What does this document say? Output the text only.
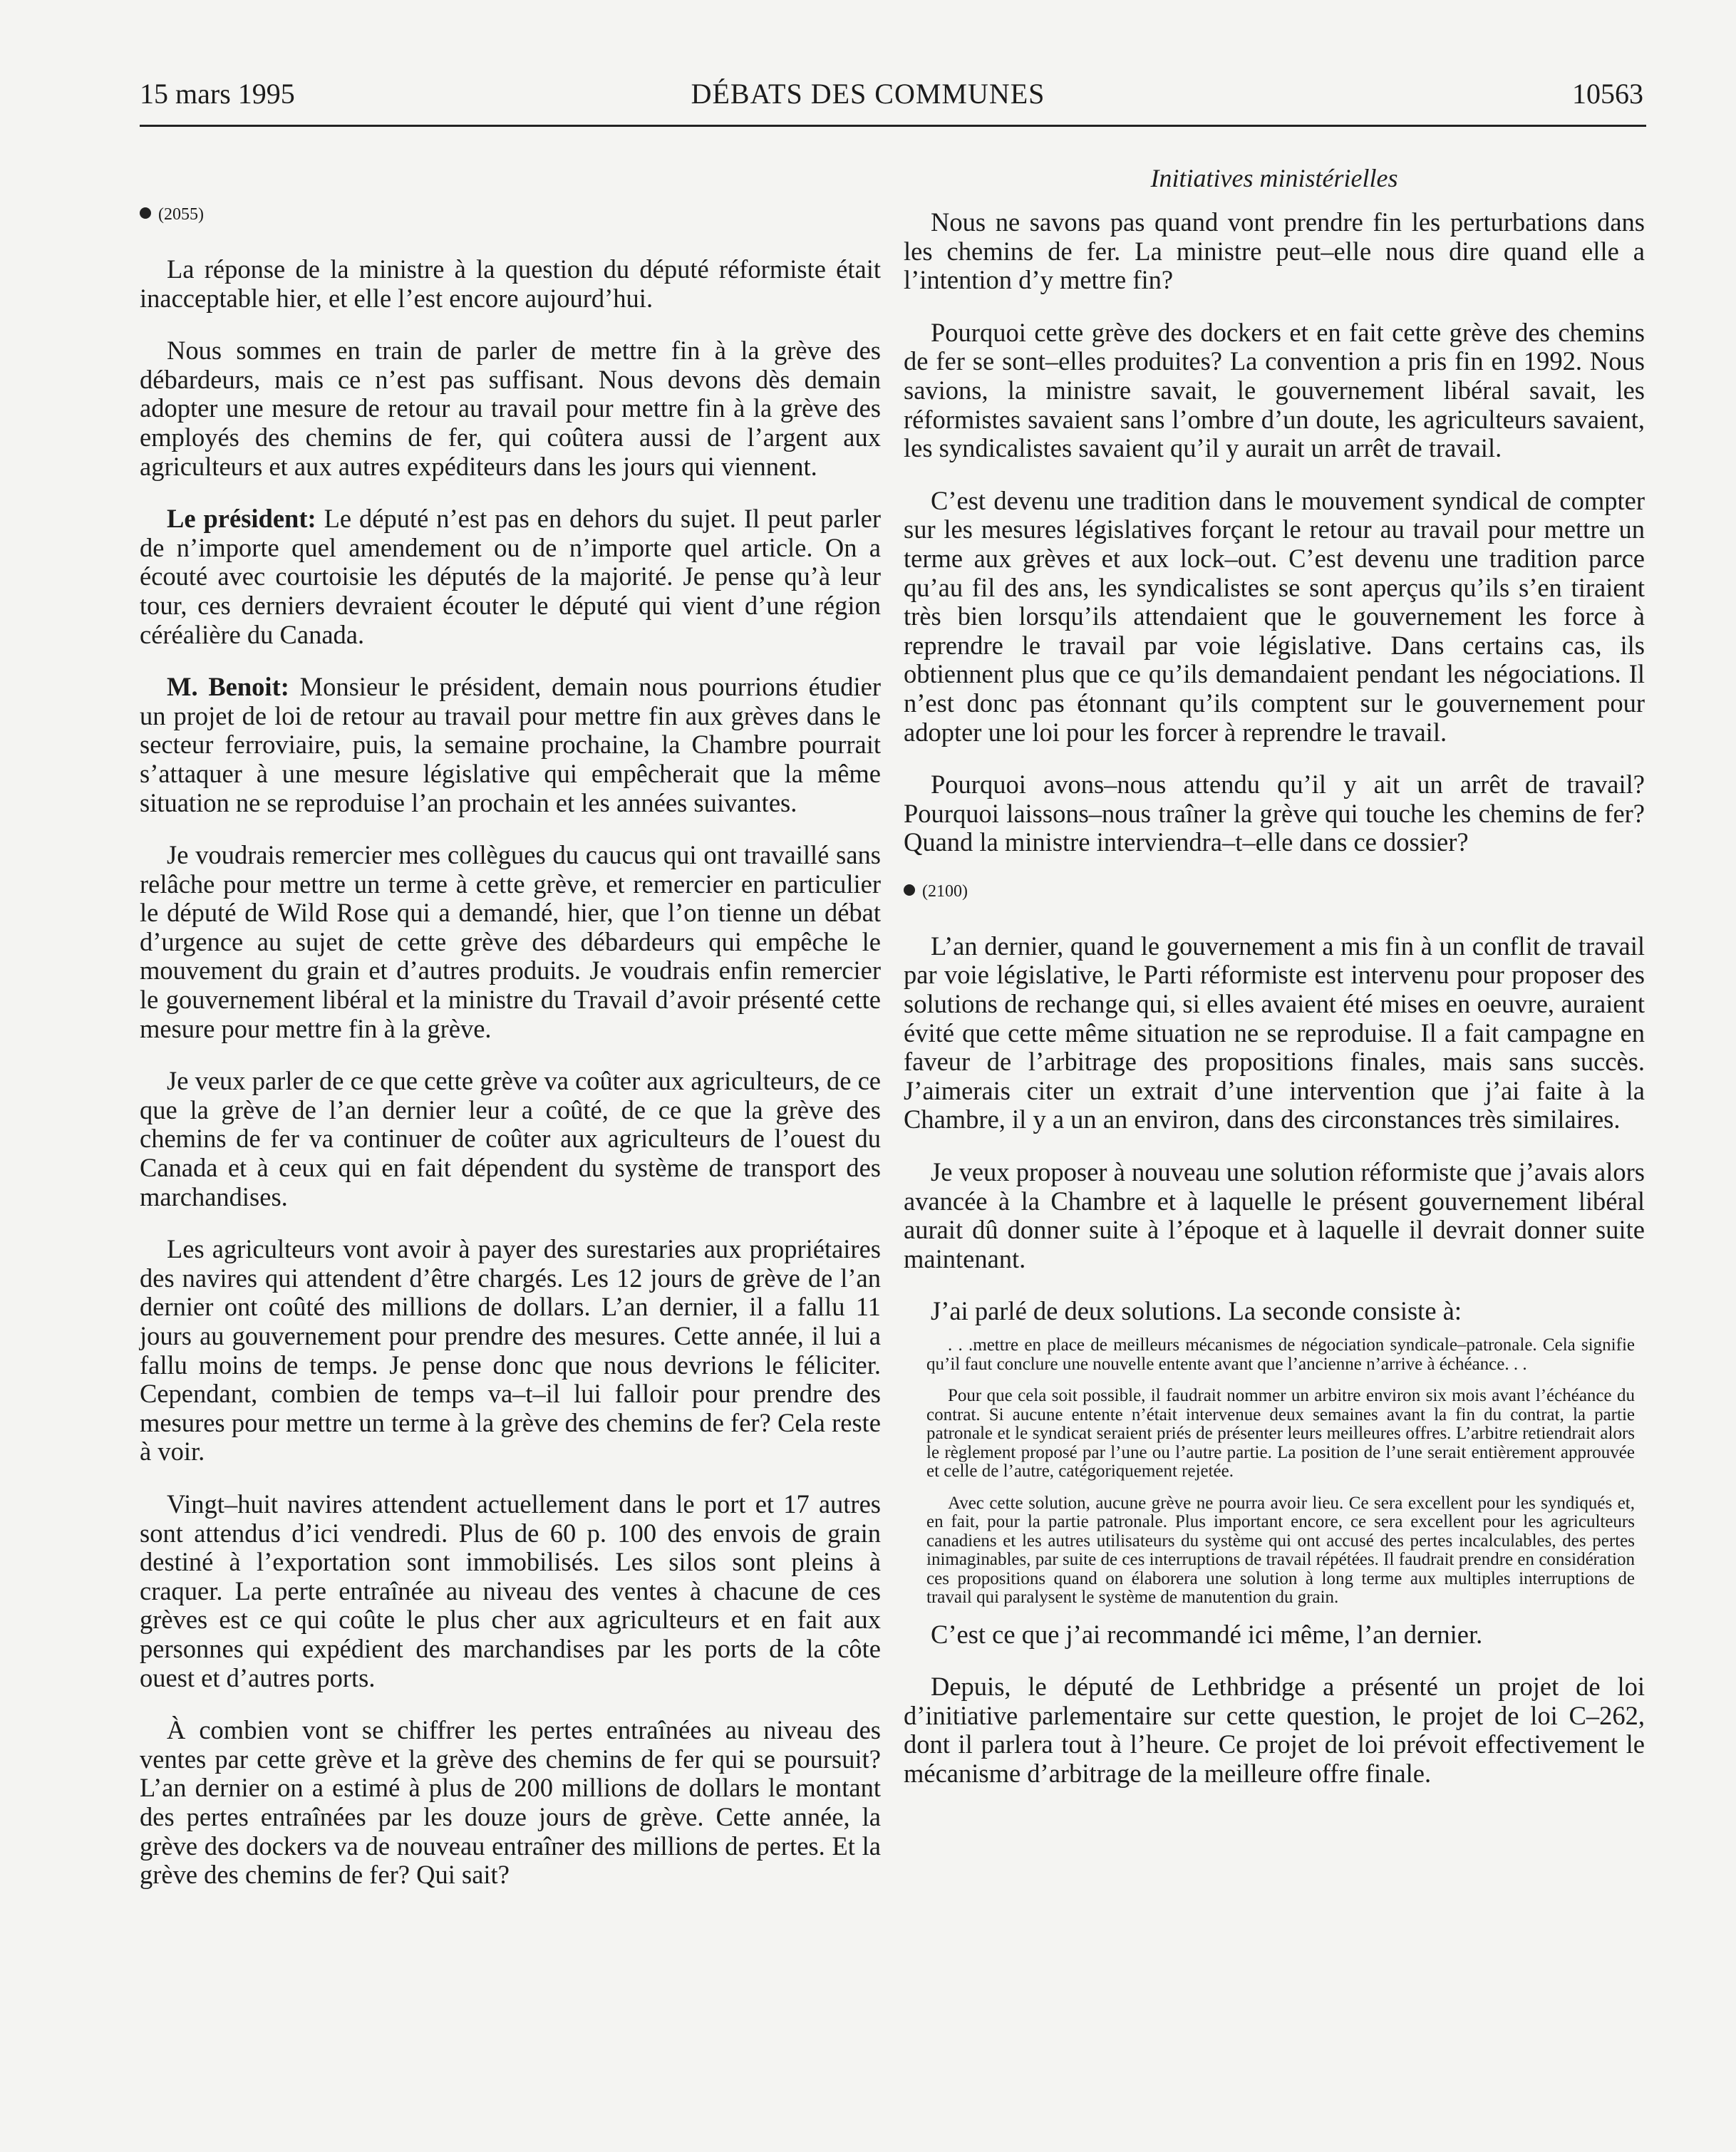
15 mars 1995	DÉBATS DES COMMUNES	10563
(2055)

La réponse de la ministre à la question du député réformiste était inacceptable hier, et elle l’est encore aujourd’hui.

Nous sommes en train de parler de mettre fin à la grève des débardeurs, mais ce n’est pas suffisant. Nous devons dès demain adopter une mesure de retour au travail pour mettre fin à la grève des employés des chemins de fer, qui coûtera aussi de l’argent aux agriculteurs et aux autres expéditeurs dans les jours qui viennent.

Le président: Le député n’est pas en dehors du sujet. Il peut parler de n’importe quel amendement ou de n’importe quel article. On a écouté avec courtoisie les députés de la majorité. Je pense qu’à leur tour, ces derniers devraient écouter le député qui vient d’une région céréalière du Canada.

M. Benoit: Monsieur le président, demain nous pourrions étudier un projet de loi de retour au travail pour mettre fin aux grèves dans le secteur ferroviaire, puis, la semaine prochaine, la Chambre pourrait s’attaquer à une mesure législative qui empêcherait que la même situation ne se reproduise l’an prochain et les années suivantes.

Je voudrais remercier mes collègues du caucus qui ont travaillé sans relâche pour mettre un terme à cette grève, et remercier en particulier le député de Wild Rose qui a demandé, hier, que l’on tienne un débat d’urgence au sujet de cette grève des débardeurs qui empêche le mouvement du grain et d’autres produits. Je voudrais enfin remercier le gouvernement libéral et la ministre du Travail d’avoir présenté cette mesure pour mettre fin à la grève.

Je veux parler de ce que cette grève va coûter aux agriculteurs, de ce que la grève de l’an dernier leur a coûté, de ce que la grève des chemins de fer va continuer de coûter aux agriculteurs de l’ouest du Canada et à ceux qui en fait dépendent du système de transport des marchandises.

Les agriculteurs vont avoir à payer des surestaries aux propriétaires des navires qui attendent d’être chargés. Les 12 jours de grève de l’an dernier ont coûté des millions de dollars. L’an dernier, il a fallu 11 jours au gouvernement pour prendre des mesures. Cette année, il lui a fallu moins de temps. Je pense donc que nous devrions le féliciter. Cependant, combien de temps va–t–il lui falloir pour prendre des mesures pour mettre un terme à la grève des chemins de fer? Cela reste à voir.

Vingt–huit navires attendent actuellement dans le port et 17 autres sont attendus d’ici vendredi. Plus de 60 p. 100 des envois de grain destiné à l’exportation sont immobilisés. Les silos sont pleins à craquer. La perte entraînée au niveau des ventes à chacune de ces grèves est ce qui coûte le plus cher aux agriculteurs et en fait aux personnes qui expédient des marchandises par les ports de la côte ouest et d’autres ports.

À combien vont se chiffrer les pertes entraînées au niveau des ventes par cette grève et la grève des chemins de fer qui se poursuit? L’an dernier on a estimé à plus de 200 millions de dollars le montant des pertes entraînées par les douze jours de grève. Cette année, la grève des dockers va de nouveau entraîner des millions de pertes. Et la grève des chemins de fer? Qui sait?

Initiatives ministérielles

Nous ne savons pas quand vont prendre fin les perturbations dans les chemins de fer. La ministre peut–elle nous dire quand elle a l’intention d’y mettre fin?

Pourquoi cette grève des dockers et en fait cette grève des chemins de fer se sont–elles produites? La convention a pris fin en 1992. Nous savions, la ministre savait, le gouvernement libéral savait, les réformistes savaient sans l’ombre d’un doute, les agriculteurs savaient, les syndicalistes savaient qu’il y aurait un arrêt de travail.

C’est devenu une tradition dans le mouvement syndical de compter sur les mesures législatives forçant le retour au travail pour mettre un terme aux grèves et aux lock–out. C’est devenu une tradition parce qu’au fil des ans, les syndicalistes se sont aperçus qu’ils s’en tiraient très bien lorsqu’ils attendaient que le gouvernement les force à reprendre le travail par voie législative. Dans certains cas, ils obtiennent plus que ce qu’ils demandaient pendant les négociations. Il n’est donc pas étonnant qu’ils comptent sur le gouvernement pour adopter une loi pour les forcer à reprendre le travail.

Pourquoi avons–nous attendu qu’il y ait un arrêt de travail? Pourquoi laissons–nous traîner la grève qui touche les chemins de fer? Quand la ministre interviendra–t–elle dans ce dossier?

(2100)

L’an dernier, quand le gouvernement a mis fin à un conflit de travail par voie législative, le Parti réformiste est intervenu pour proposer des solutions de rechange qui, si elles avaient été mises en oeuvre, auraient évité que cette même situation ne se reproduise. Il a fait campagne en faveur de l’arbitrage des propositions finales, mais sans succès. J’aimerais citer un extrait d’une intervention que j’ai faite à la Chambre, il y a un an environ, dans des circonstances très similaires.

Je veux proposer à nouveau une solution réformiste que j’avais alors avancée à la Chambre et à laquelle le présent gouvernement libéral aurait dû donner suite à l’époque et à laquelle il devrait donner suite maintenant.

J’ai parlé de deux solutions. La seconde consiste à:

. . .mettre en place de meilleurs mécanismes de négociation syndicale–patronale. Cela signifie qu’il faut conclure une nouvelle entente avant que l’ancienne n’arrive à échéance. . .

Pour que cela soit possible, il faudrait nommer un arbitre environ six mois avant l’échéance du contrat. Si aucune entente n’était intervenue deux semaines avant la fin du contrat, la partie patronale et le syndicat seraient priés de présenter leurs meilleures offres. L’arbitre retiendrait alors le règlement proposé par l’une ou l’autre partie. La position de l’une serait entièrement approuvée et celle de l’autre, catégoriquement rejetée.

Avec cette solution, aucune grève ne pourra avoir lieu. Ce sera excellent pour les syndiqués et, en fait, pour la partie patronale. Plus important encore, ce sera excellent pour les agriculteurs canadiens et les autres utilisateurs du système qui ont accusé des pertes incalculables, des pertes inimaginables, par suite de ces interruptions de travail répétées. Il faudrait prendre en considération ces propositions quand on élaborera une solution à long terme aux multiples interruptions de travail qui paralysent le système de manutention du grain.

C’est ce que j’ai recommandé ici même, l’an dernier.

Depuis, le député de Lethbridge a présenté un projet de loi d’initiative parlementaire sur cette question, le projet de loi C–262, dont il parlera tout à l’heure. Ce projet de loi prévoit effectivement le mécanisme d’arbitrage de la meilleure offre finale.
